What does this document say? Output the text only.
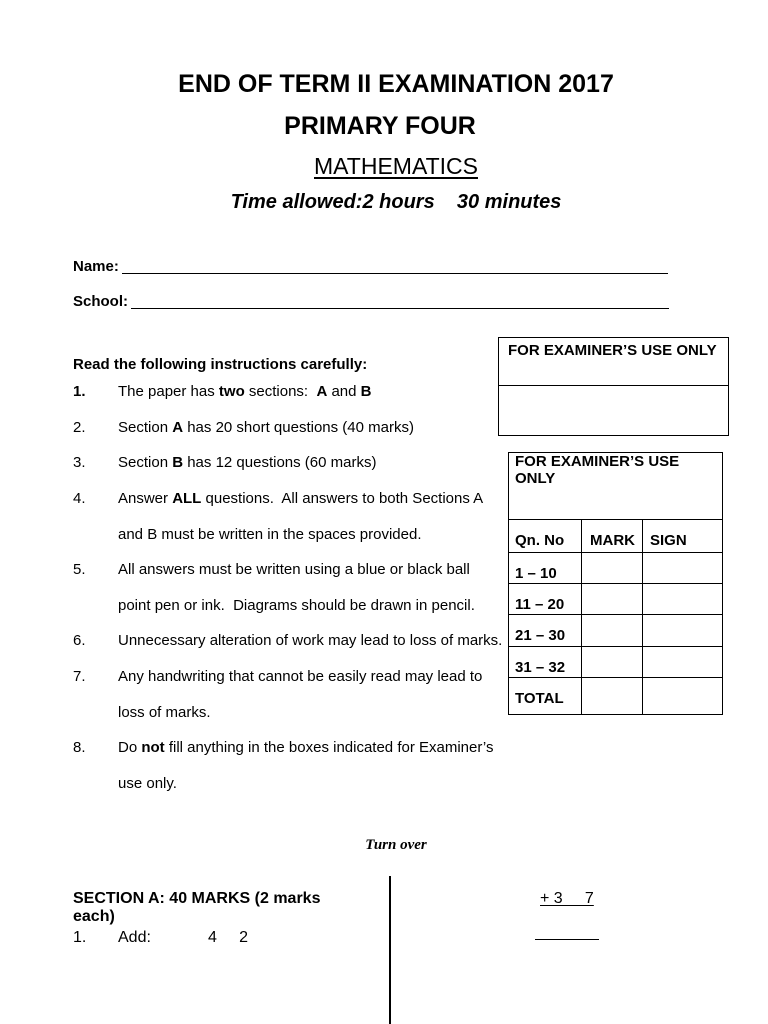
END OF TERM II EXAMINATION 2017
PRIMARY FOUR
MATHEMATICS
Time allowed:2 hours    30 minutes
Name:
School:
FOR EXAMINER’S USE ONLY
Read the following instructions carefully:
1.	The paper has two sections:  A and B
2.	Section A has 20 short questions (40 marks)
3.	Section B has 12 questions (60 marks)
4.	Answer ALL questions.  All answers to both Sections A
and B must be written in the spaces provided.
5.	All answers must be written using a blue or black ball
point pen or ink.  Diagrams should be drawn in pencil.
6.	Unnecessary alteration of work may lead to loss of marks.
7.	Any handwriting that cannot be easily read may lead to
loss of marks.
8.	Do not fill anything in the boxes indicated for Examiner’s
use only.
FOR EXAMINER’S USE ONLY
Qn. No	MARK	SIGN
1 – 10
11 – 20
21 – 30
31 – 32
TOTAL
Turn over
SECTION A: 40 MARKS (2 marks each)
1. Add:	4     2
+ 3     7
